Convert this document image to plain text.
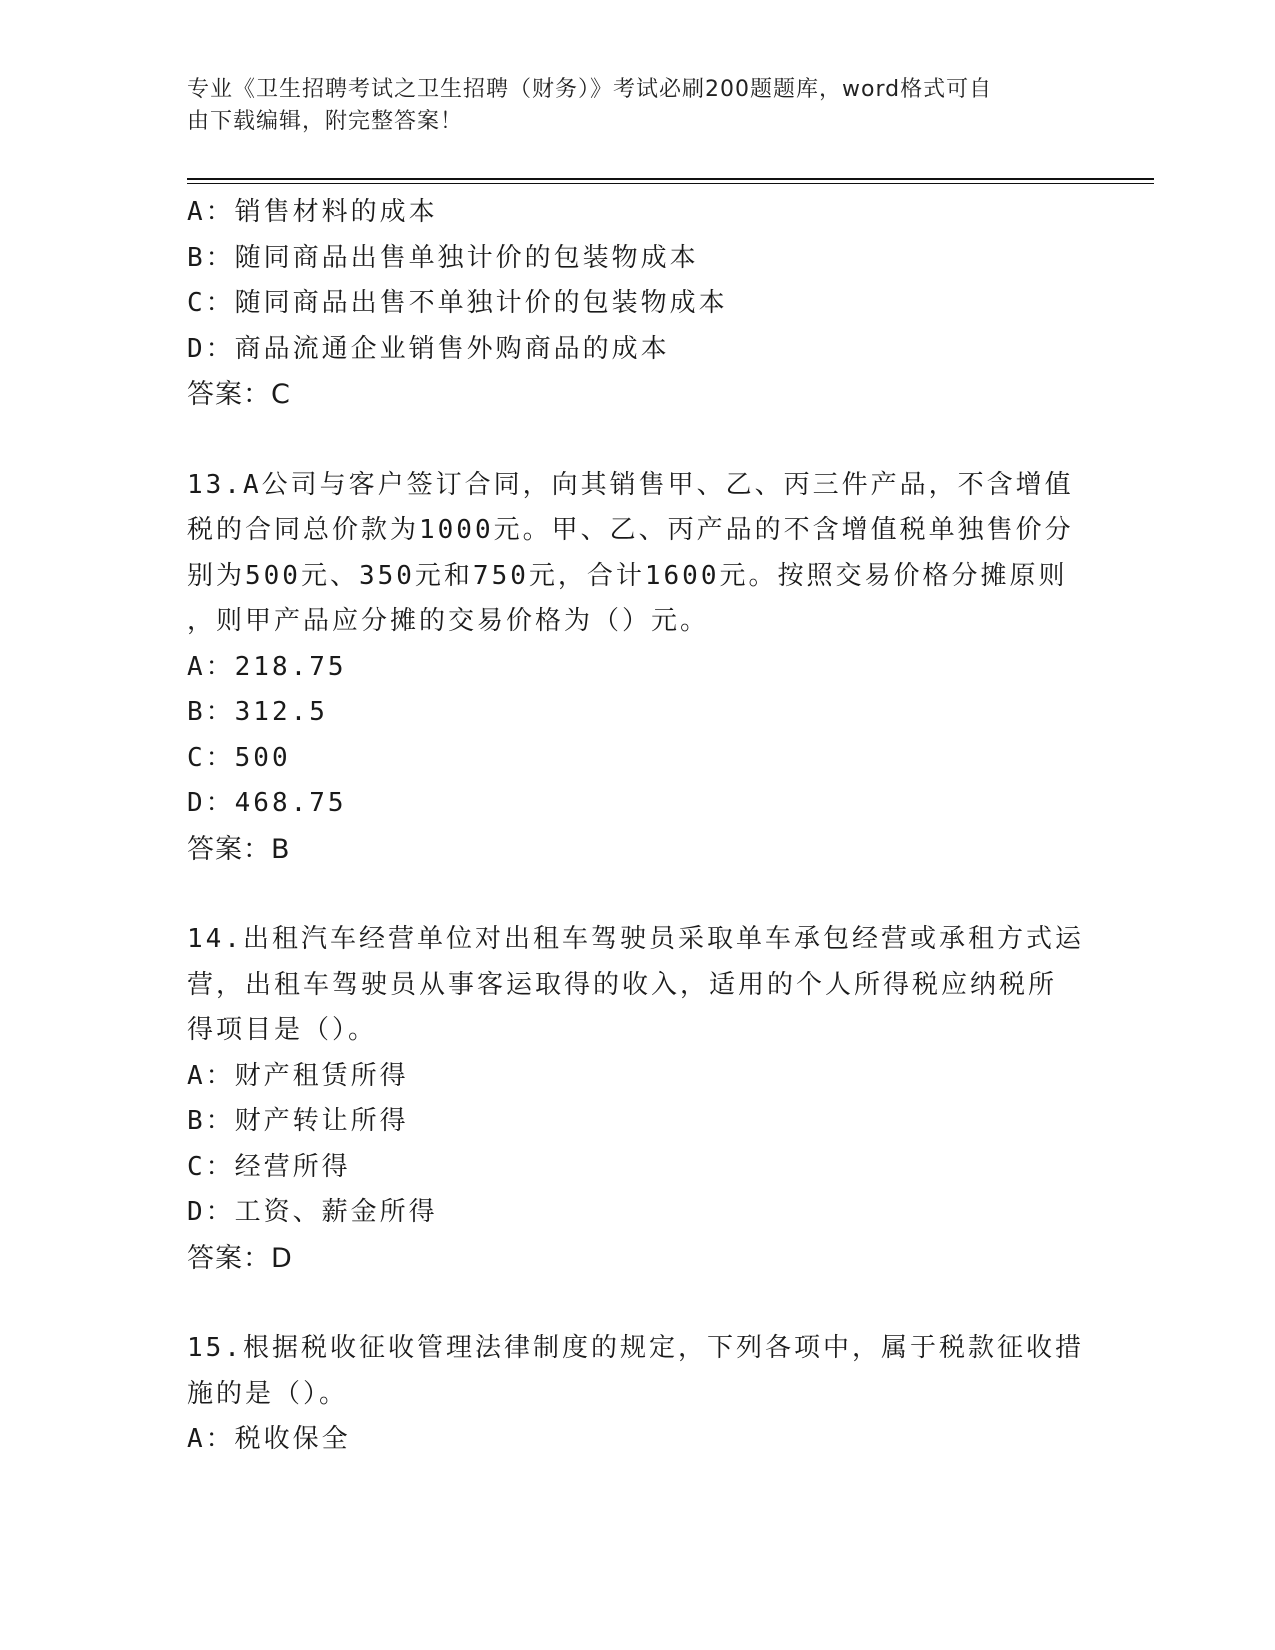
专业《卫生招聘考试之卫生招聘（财务）》考试必刷200题题库，word格式可自
由下载编辑，附完整答案！
A：销售材料的成本
B：随同商品出售单独计价的包装物成本
C：随同商品出售不单独计价的包装物成本
D：商品流通企业销售外购商品的成本
答案：C
13.A公司与客户签订合同，向其销售甲、乙、丙三件产品，不含增值
税的合同总价款为1000元。甲、乙、丙产品的不含增值税单独售价分
别为500元、350元和750元，合计1600元。按照交易价格分摊原则
，则甲产品应分摊的交易价格为（）元。
A：218.75
B：312.5
C：500
D：468.75
答案：B
14.出租汽车经营单位对出租车驾驶员采取单车承包经营或承租方式运
营，出租车驾驶员从事客运取得的收入，适用的个人所得税应纳税所
得项目是（）。
A：财产租赁所得
B：财产转让所得
C：经营所得
D：工资、薪金所得
答案：D
15.根据税收征收管理法律制度的规定，下列各项中，属于税款征收措
施的是（）。
A：税收保全
